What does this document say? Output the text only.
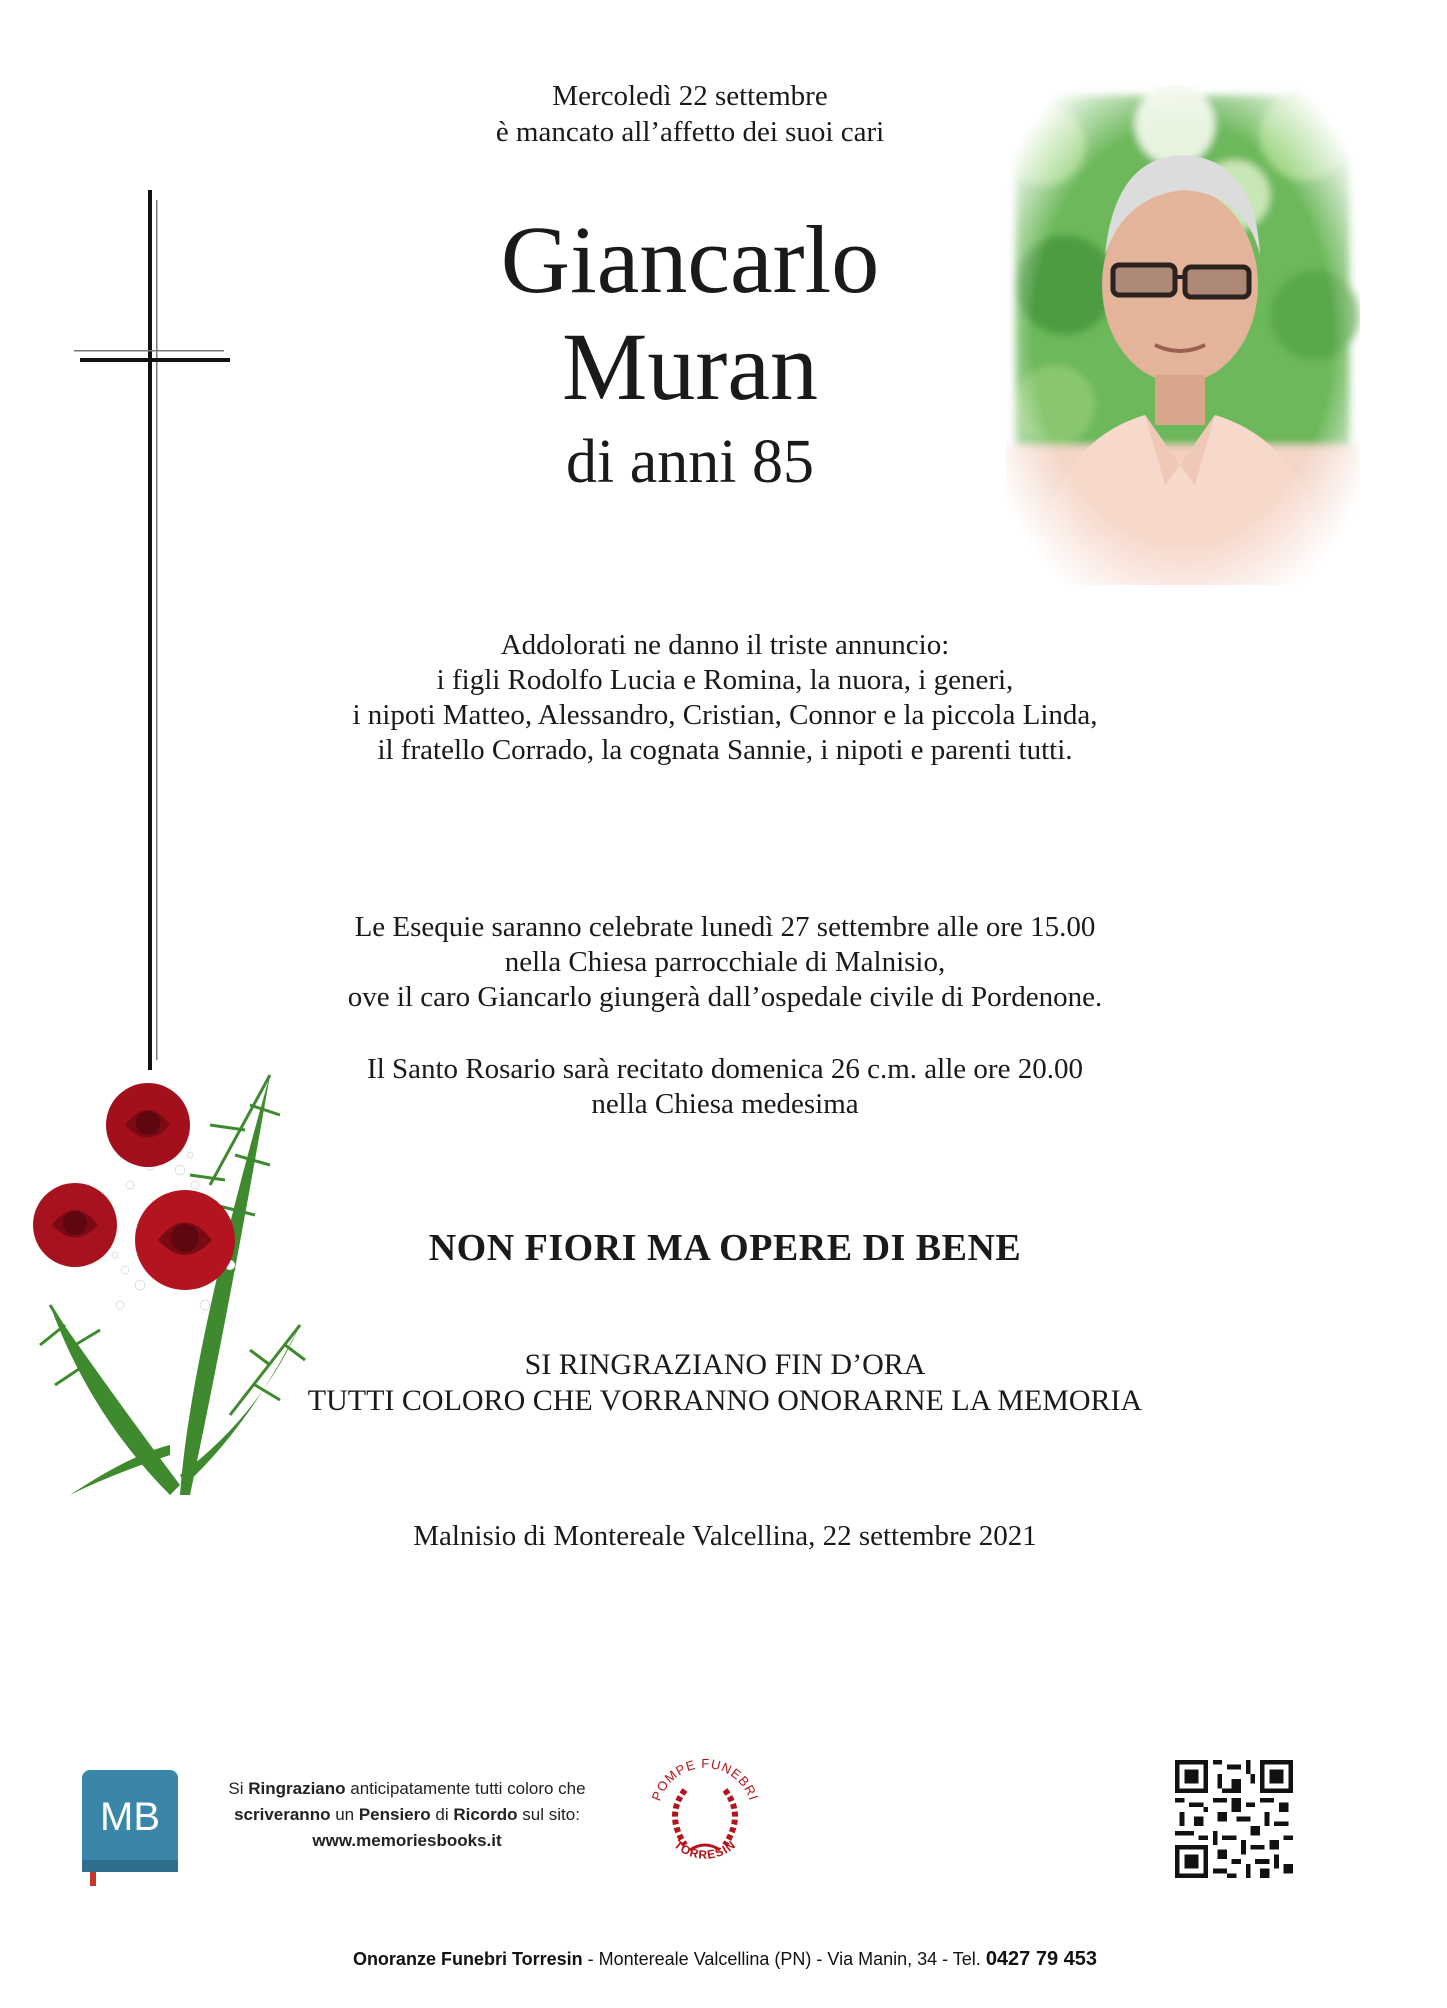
Mercoledì 22 settembre
è mancato all’affetto dei suoi cari
Giancarlo
Muran
di anni 85
Addolorati ne danno il triste annuncio:
i figli Rodolfo Lucia e Romina, la nuora, i generi,
i nipoti Matteo, Alessandro, Cristian, Connor e la piccola Linda,
il fratello Corrado, la cognata Sannie, i nipoti e parenti tutti.
Le Esequie saranno celebrate lunedì 27 settembre alle ore 15.00
nella Chiesa parrocchiale di Malnisio,
ove il caro Giancarlo giungerà dall’ospedale civile di Pordenone.
Il Santo Rosario sarà recitato domenica 26 c.m. alle ore 20.00
nella Chiesa medesima
NON FIORI MA OPERE DI BENE
SI RINGRAZIANO FIN D’ORA
TUTTI COLORO CHE VORRANNO ONORARNE LA MEMORIA
Malnisio di Montereale Valcellina, 22 settembre 2021
MB
Si Ringraziano anticipatamente tutti coloro che
scriveranno un Pensiero di Ricordo sul sito:
www.memoriesbooks.it
POMPE FUNEBRI
TORRESIN
Onoranze Funebri Torresin - Montereale Valcellina (PN) - Via Manin, 34 - Tel. 0427 79 453
